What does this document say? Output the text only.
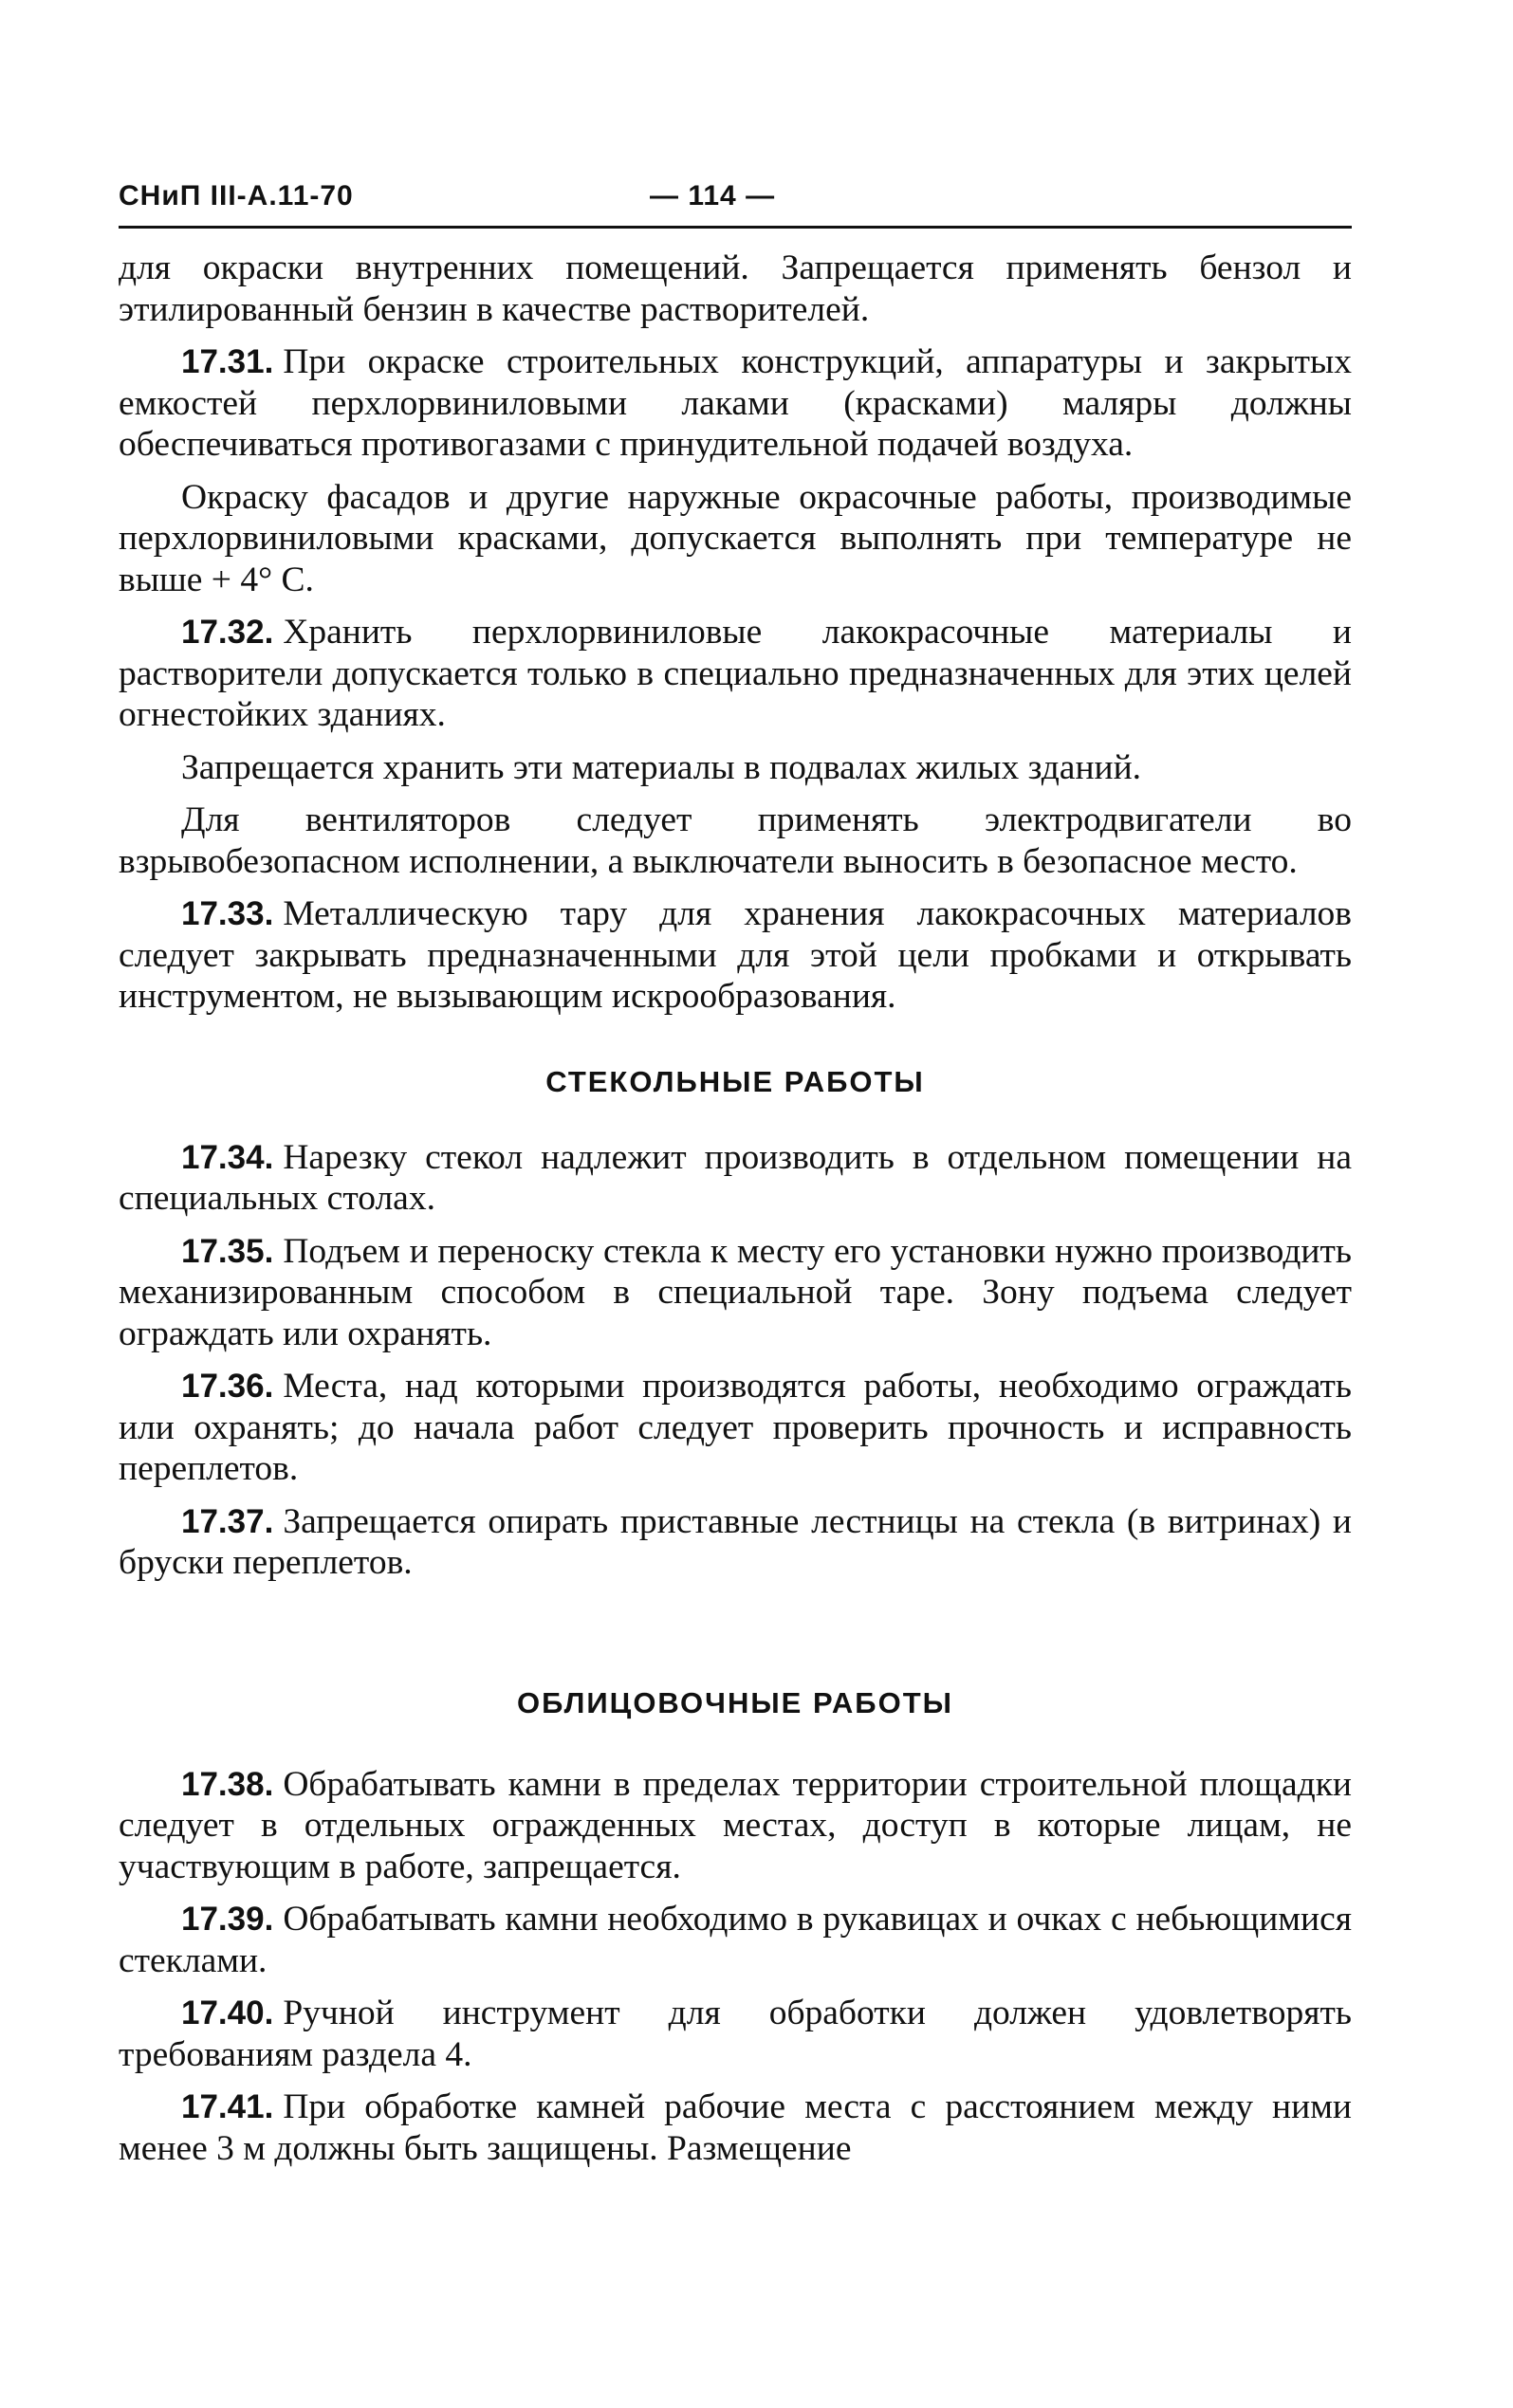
СНиП III-А.11-70	— 114 —

для окраски внутренних помещений. Запрещается применять бензол и этилированный бензин в качестве растворителей.

17.31. При окраске строительных конструкций, аппаратуры и закрытых емкостей перхлорвиниловыми лаками (красками) маляры должны обеспечиваться противогазами с принудительной подачей воздуха.

Окраску фасадов и другие наружные окрасочные работы, производимые перхлорвиниловыми красками, допускается выполнять при температуре не выше + 4° С.

17.32. Хранить перхлорвиниловые лакокрасочные материалы и растворители допускается только в специально предназначенных для этих целей огнестойких зданиях.

Запрещается хранить эти материалы в подвалах жилых зданий.

Для вентиляторов следует применять электродвигатели во взрывобезопасном исполнении, а выключатели выносить в безопасное место.

17.33. Металлическую тару для хранения лакокрасочных материалов следует закрывать предназначенными для этой цели пробками и открывать инструментом, не вызывающим искрообразования.

СТЕКОЛЬНЫЕ РАБОТЫ

17.34. Нарезку стекол надлежит производить в отдельном помещении на специальных столах.

17.35. Подъем и переноску стекла к месту его установки нужно производить механизированным способом в специальной таре. Зону подъема следует ограждать или охранять.

17.36. Места, над которыми производятся работы, необходимо ограждать или охранять; до начала работ следует проверить прочность и исправность переплетов.

17.37. Запрещается опирать приставные лестницы на стекла (в витринах) и бруски переплетов.

ОБЛИЦОВОЧНЫЕ РАБОТЫ

17.38. Обрабатывать камни в пределах территории строительной площадки следует в отдельных огражденных местах, доступ в которые лицам, не участвующим в работе, запрещается.

17.39. Обрабатывать камни необходимо в рукавицах и очках с небьющимися стеклами.

17.40. Ручной инструмент для обработки должен удовлетворять требованиям раздела 4.

17.41. При обработке камней рабочие места с расстоянием между ними менее 3 м должны быть защищены. Размещение
